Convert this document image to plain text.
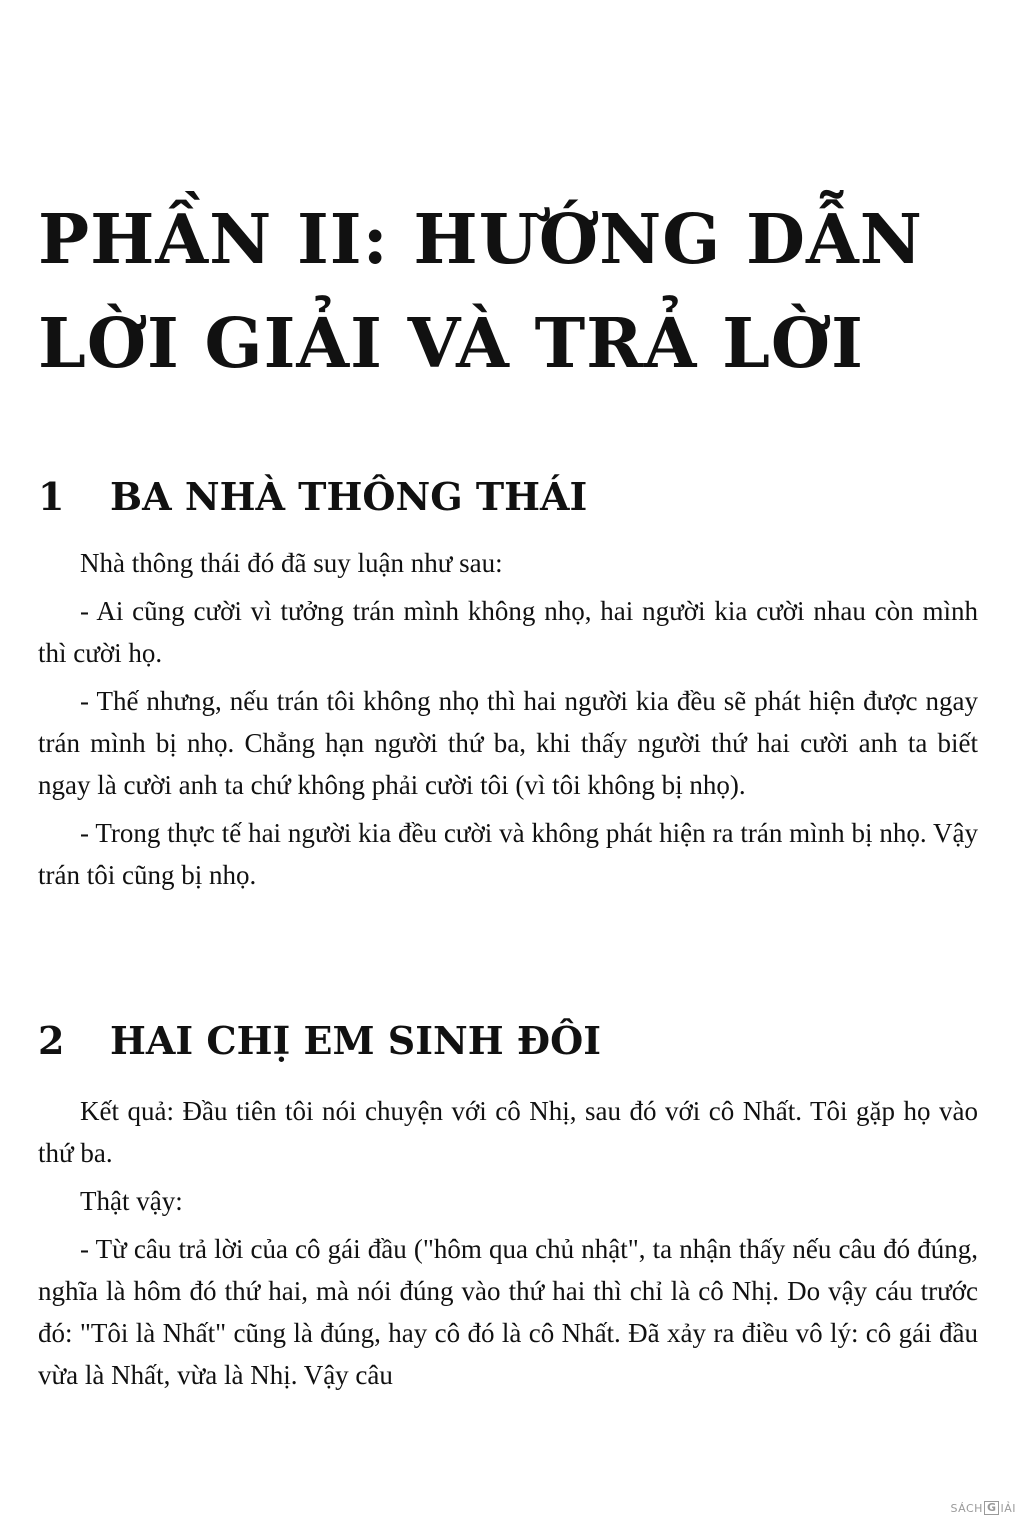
PHẦN II: HƯỚNG DẪN
LỜI GIẢI VÀ TRẢ LỜI
1 BA NHÀ THÔNG THÁI

Nhà thông thái đó đã suy luận như sau:

- Ai cũng cười vì tưởng trán mình không nhọ, hai người kia cười nhau còn mình thì cười họ.

- Thế nhưng, nếu trán tôi không nhọ thì hai người kia đều sẽ phát hiện được ngay trán mình bị nhọ. Chẳng hạn người thứ ba, khi thấy người thứ hai cười anh ta biết ngay là cười anh ta chứ không phải cười tôi (vì tôi không bị nhọ).

- Trong thực tế hai người kia đều cười và không phát hiện ra trán mình bị nhọ. Vậy trán tôi cũng bị nhọ.

2 HAI CHỊ EM SINH ĐÔI

Kết quả: Đầu tiên tôi nói chuyện với cô Nhị, sau đó với cô Nhất. Tôi gặp họ vào thứ ba.

Thật vậy:

- Từ câu trả lời của cô gái đầu ("hôm qua chủ nhật", ta nhận thấy nếu câu đó đúng, nghĩa là hôm đó thứ hai, mà nói đúng vào thứ hai thì chỉ là cô Nhị. Do vậy cáu trước đó: "Tôi là Nhất" cũng là đúng, hay cô đó là cô Nhất. Đã xảy ra điều vô lý: cô gái đầu vừa là Nhất, vừa là Nhị. Vậy câu

SÁCH G IẢI
